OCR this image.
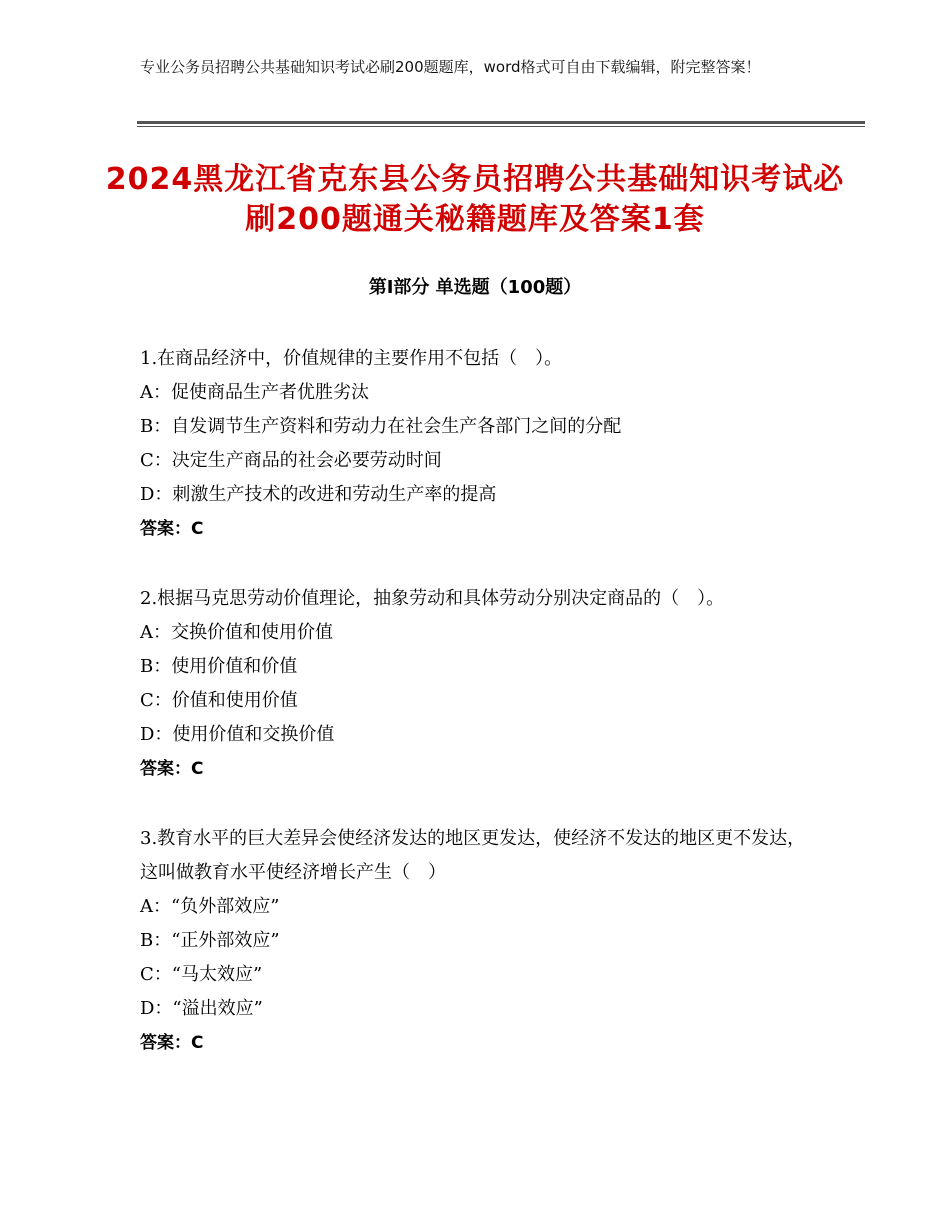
专业公务员招聘公共基础知识考试必刷200题题库，word格式可自由下载编辑，附完整答案！
2024黑龙江省克东县公务员招聘公共基础知识考试必刷200题通关秘籍题库及答案1套
第Ⅰ部分 单选题（100题）

1.在商品经济中，价值规律的主要作用不包括（　）。

A：促使商品生产者优胜劣汰

B：自发调节生产资料和劳动力在社会生产各部门之间的分配

C：决定生产商品的社会必要劳动时间

D：刺激生产技术的改进和劳动生产率的提高

答案：C

2.根据马克思劳动价值理论，抽象劳动和具体劳动分别决定商品的（　）。

A：交换价值和使用价值

B：使用价值和价值

C：价值和使用价值

D：使用价值和交换价值

答案：C

3.教育水平的巨大差异会使经济发达的地区更发达，使经济不发达的地区更不发达，这叫做教育水平使经济增长产生（　）

A：“负外部效应”

B：“正外部效应”

C：“马太效应”

D：“溢出效应”

答案：C
